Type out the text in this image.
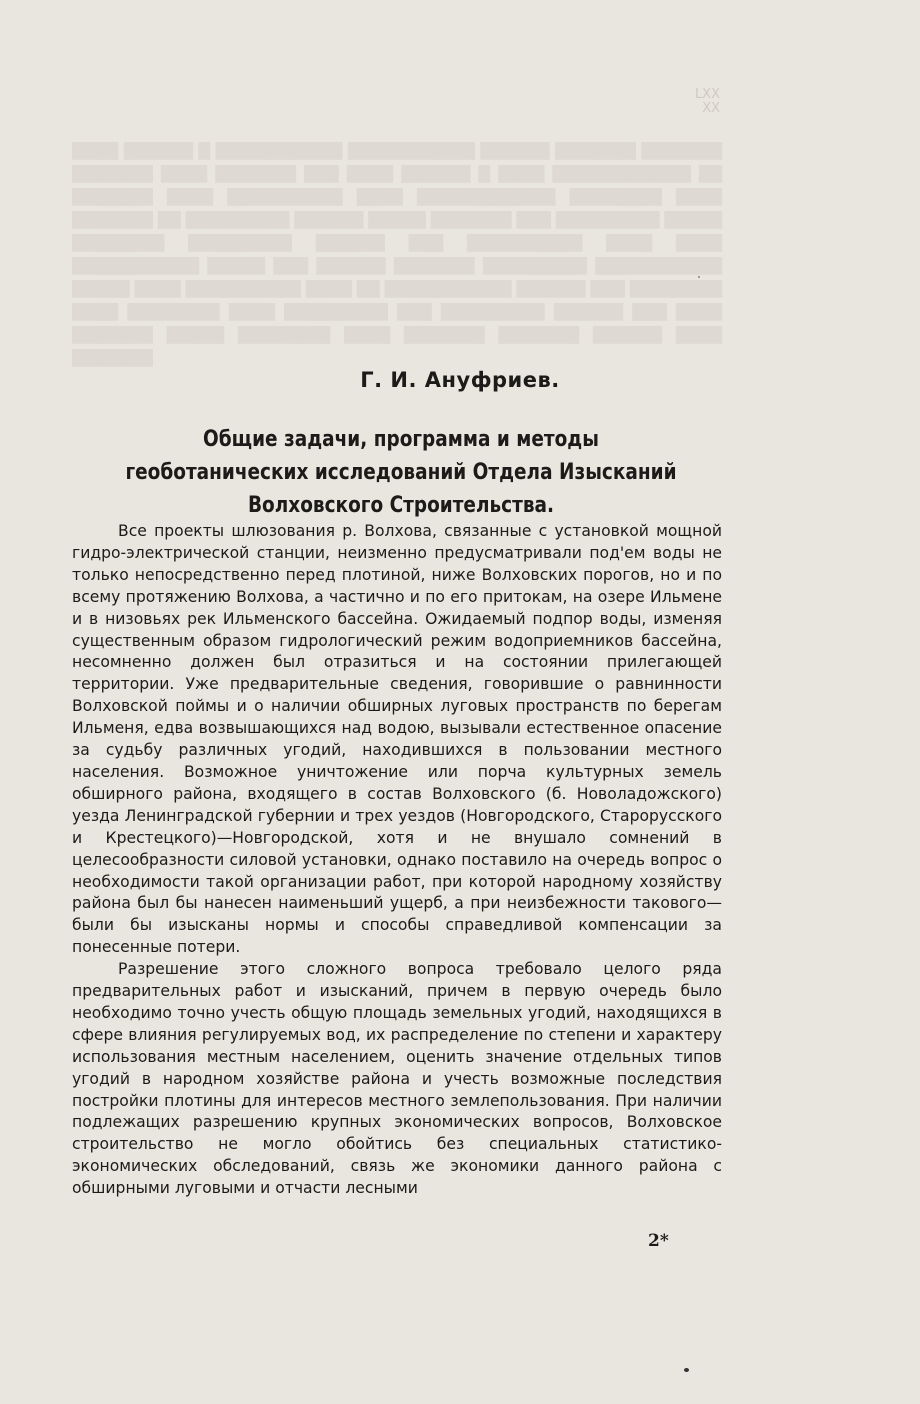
LXX
XX
████ ██████ █ ███████████ ███████████ ██████ ███████ ███████ ███████ ████ ███████ ███ ████ ██████ █ ████ ████████████ ██ ███████ ████ ██████████ ████ ████████████ ████████ ████ ███████ ██ █████████ ██████ █████ ███████ ███ █████████ █████ ████████ █████████ ██████ ███ ██████████ ████ ████ ███████████ █████ ███ ██████ ███████ █████████ ███████████ █████ ████ ██████████ ████ ██ ███████████ ██████ ███ ████████ ████ ████████ ████ █████████ ███ █████████ ██████ ███ ████ ███████ █████ ████████ ████ ███████ ███████ ██████ ████ ███████
Г. И. Ануфриев.
Общие задачи, программа и методы геоботанических исследований Отдела Изысканий Волховского Строительства.

Все проекты шлюзования р. Волхова, связанные с установкой мощной гидро-электрической станции, неизменно предусматривали под'ем воды не только непосредственно перед плотиной, ниже Волховских порогов, но и по всему протяжению Волхова, а частично и по его притокам, на озере Ильмене и в низовьях рек Ильменского бассейна. Ожидаемый подпор воды, изменяя существенным образом гидрологический режим водоприемников бассейна, несомненно должен был отразиться и на состоянии прилегающей территории. Уже предварительные сведения, говорившие о равнинности Волховской поймы и о наличии обширных луговых пространств по берегам Ильменя, едва возвышающихся над водою, вызывали естественное опасение за судьбу различных угодий, находившихся в пользовании местного населения. Возможное уничтожение или порча культурных земель обширного района, входящего в состав Волховского (б. Новоладожского) уезда Ленинградской губернии и трех уездов (Новгородского, Старорусского и Крестецкого)—Новгородской, хотя и не внушало сомнений в целесообразности силовой установки, однако поставило на очередь вопрос о необходимости такой организации работ, при которой народному хозяйству района был бы нанесен наименьший ущерб, а при неизбежности такового—были бы изысканы нормы и способы справедливой компенсации за понесенные потери.

Разрешение этого сложного вопроса требовало целого ряда предварительных работ и изысканий, причем в первую очередь было необходимо точно учесть общую площадь земельных угодий, находящихся в сфере влияния регулируемых вод, их распределение по степени и характеру использования местным населением, оценить значение отдельных типов угодий в народном хозяйстве района и учесть возможные последствия постройки плотины для интересов местного землепользования. При наличии подлежащих разрешению крупных экономических вопросов, Волховское строительство не могло обойтись без специальных статистико-экономических обследований, связь же экономики данного района с обширными луговыми и отчасти лесными

2*
